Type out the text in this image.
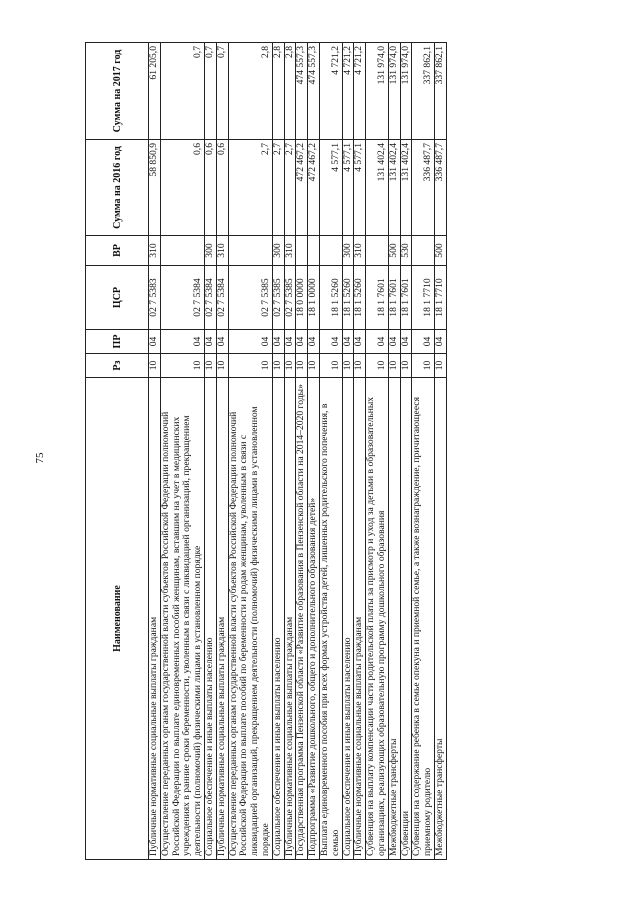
75
Наименование	Рз	ПР	ЦСР	ВР	Сумма на 2016 год	Сумма на 2017 год
Публичные нормативные социальные выплаты гражданам	10	04	02 7 5383	310	58 850,9	61 205,0
Осуществление переданных органам государственной власти субъектов Российской Федерации полномочий Российской Федерации по выплате единовременных пособий женщинам, вставшим на учет в медицинских учреждениях в ранние сроки беременности, уволенным в связи с ликвидацией организаций, прекращением деятельности (полномочий) физическими лицами в установленном порядке	10	04	02 7 5384		0,6	0,7
Социальное обеспечение и иные выплаты населению	10	04	02 7 5384	300	0,6	0,7
Публичные нормативные социальные выплаты гражданам	10	04	02 7 5384	310	0,6	0,7
Осуществление переданных органам государственной власти субъектов Российской Федерации полномочий Российской Федерации по выплате пособий по беременности и родам женщинам, уволенным в связи с ликвидацией организаций, прекращением деятельности (полномочий) физическими лицами в установленном порядке	10	04	02 7 5385		2,7	2,8
Социальное обеспечение и иные выплаты населению	10	04	02 7 5385	300	2,7	2,8
Публичные нормативные социальные выплаты гражданам	10	04	02 7 5385	310	2,7	2,8
Государственная программа Пензенской области «Развитие образования в Пензенской области на 2014–2020 годы»	10	04	18 0 0000		472 467,2	474 557,3
Подпрограмма «Развитие дошкольного, общего и дополнительного образования детей»	10	04	18 1 0000		472 467,2	474 557,3
Выплата единовременного пособия при всех формах устройства детей, лишенных родительского попечения, в семью	10	04	18 1 5260		4 577,1	4 721,2
Социальное обеспечение и иные выплаты населению	10	04	18 1 5260	300	4 577,1	4 721,2
Публичные нормативные социальные выплаты гражданам	10	04	18 1 5260	310	4 577,1	4 721,2
Субвенция на выплату компенсации части родительской платы за присмотр и уход за детьми в образовательных организациях, реализующих образовательную программу дошкольного образования	10	04	18 1 7601		131 402,4	131 974,0
Межбюджетные трансферты	10	04	18 1 7601	500	131 402,4	131 974,0
Субвенции	10	04	18 1 7601	530	131 402,4	131 974,0
Субвенция на содержание ребенка в семье опекуна и приемной семье, а также вознаграждение, причитающееся приемному родителю	10	04	18 1 7710		336 487,7	337 862,1
Межбюджетные трансферты	10	04	18 1 7710	500	336 487,7	337 862,1
